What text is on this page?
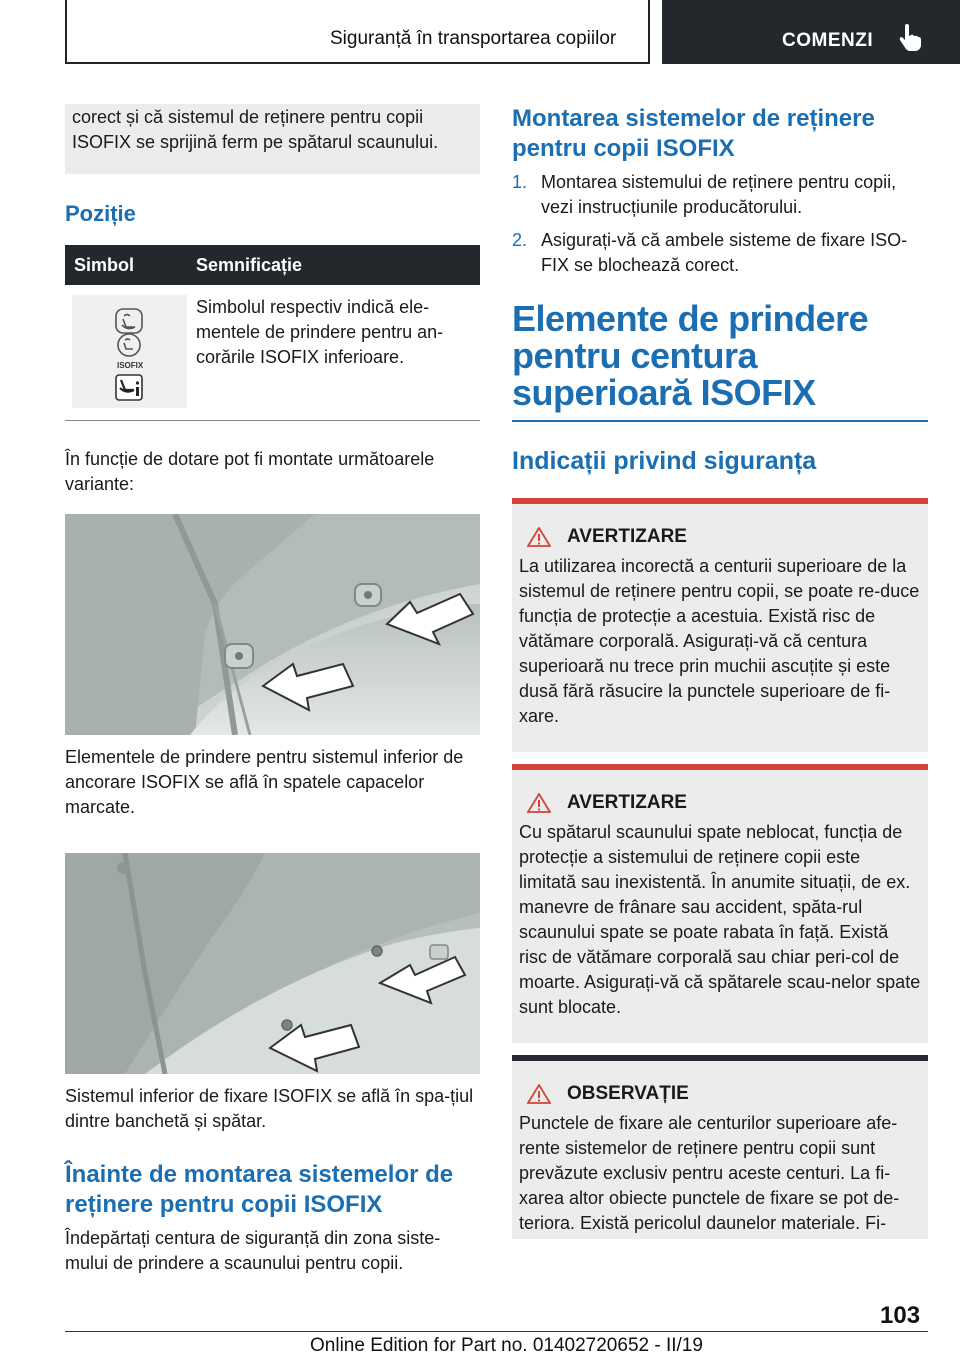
Siguranță în transportarea copiilor	COMENZI

corect și că sistemul de reținere pentru copii ISOFIX se sprijină ferm pe spătarul scaunului.

Poziție
Simbol	Semnificație

ISOFIX	Simbolul respectiv indică ele-mentele de prindere pentru an-corările ISOFIX inferioare.

În funcție de dotare pot fi montate următoarele variante:

Elementele de prindere pentru sistemul inferior de ancorare ISOFIX se află în spatele capacelor marcate.

Sistemul inferior de fixare ISOFIX se află în spa-țiul dintre banchetă și spătar.

Înainte de montarea sistemelor de reținere pentru copii ISOFIX

Îndepărtați centura de siguranță din zona siste-mului de prindere a scaunului pentru copii.

Montarea sistemelor de reținere pentru copii ISOFIX
1. Montarea sistemului de reținere pentru copii, vezi instrucțiunile producătorului.
2. Asigurați-vă că ambele sisteme de fixare ISO-FIX se blochează corect.
Elemente de prindere pentru centura superioară ISOFIX
Indicații privind siguranța
AVERTIZARE

La utilizarea incorectă a centurii superioare de la sistemul de reținere pentru copii, se poate re-duce funcția de protecție a acestuia. Există risc de vătămare corporală. Asigurați-vă că centura superioară nu trece prin muchii ascuțite și este dusă fără răsucire la punctele superioare de fi-xare.

AVERTIZARE

Cu spătarul scaunului spate neblocat, funcția de protecție a sistemului de reținere copii este limitată sau inexistentă. În anumite situații, de ex. manevre de frânare sau accident, spăta-rul scaunului spate se poate rabata în față. Există risc de vătămare corporală sau chiar peri-col de moarte. Asigurați-vă că spătarele scau-nelor spate sunt blocate.

OBSERVAȚIE

Punctele de fixare ale centurilor superioare afe-rente sistemelor de reținere pentru copii sunt prevăzute exclusiv pentru aceste centuri. La fi-xarea altor obiecte punctele de fixare se pot de-teriora. Există pericolul daunelor materiale. Fi-

103
Online Edition for Part no. 01402720652 - II/19
